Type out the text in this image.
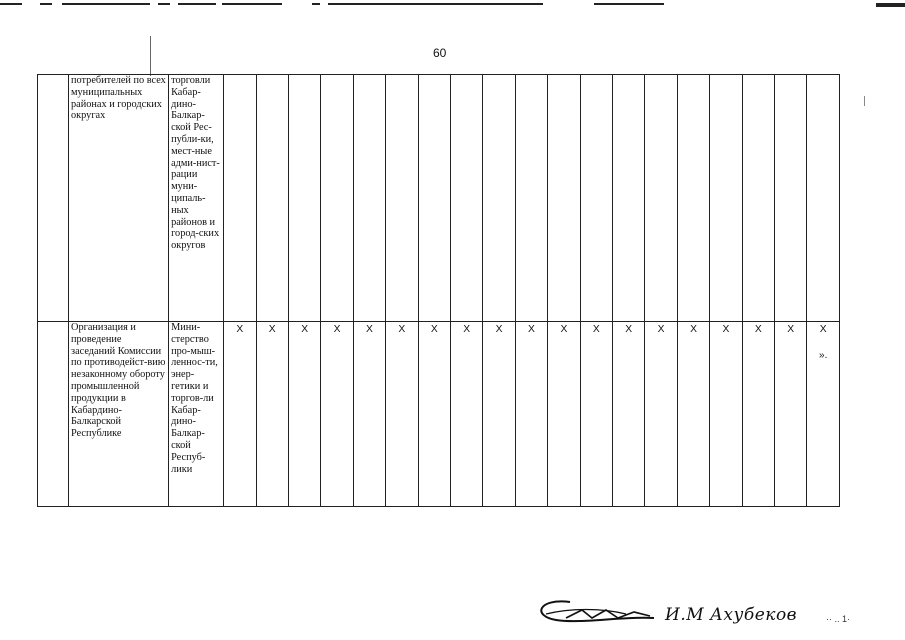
60
	потребителей по всех муниципальных районах и городских округах	торговли Кабар-дино-Балкар-ской Рес-публи-ки, мест-ные адми-нист-рации муни-ципаль-ных районов и город-ских округов																			
	Организация и проведение заседаний Комиссии по противодейст-вию незаконному обороту промышленной продукции в Кабардино-Балкарской Республике	Мини-стерство про-мыш-леннос-ти, энер-гетики и торгов-ли Кабар-дино-Балкар-ской Респуб-лики	X	X	X	X	X	X	X	X	X	X	X	X	X	X	X	X	X	X	X
».
И.М Ахубеков	·· .. 1·
